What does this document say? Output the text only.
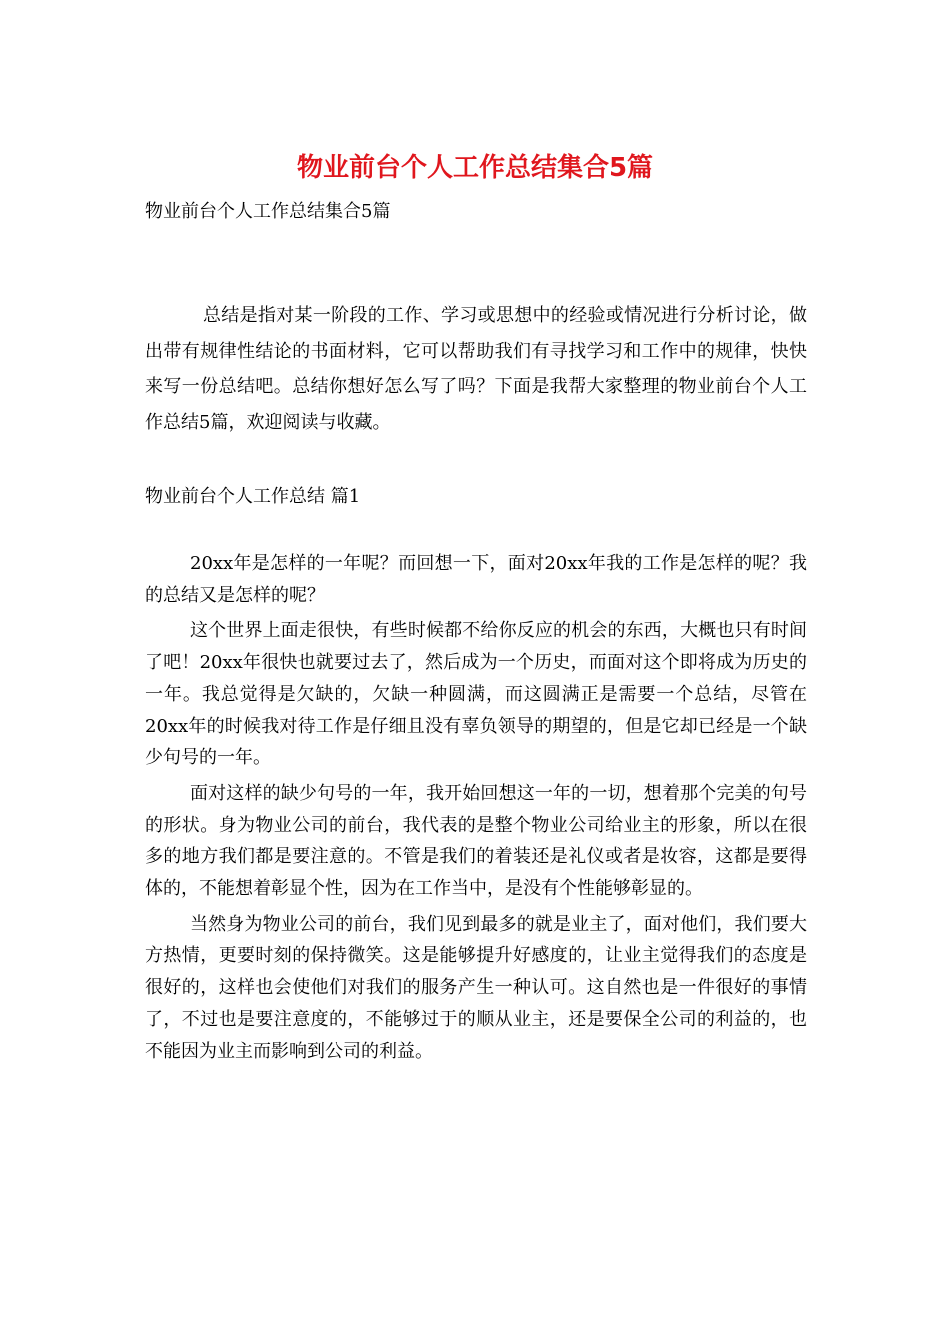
物业前台个人工作总结集合5篇
物业前台个人工作总结集合5篇
总结是指对某一阶段的工作、学习或思想中的经验或情况进行分析讨论，做出带有规律性结论的书面材料，它可以帮助我们有寻找学习和工作中的规律，快快来写一份总结吧。总结你想好怎么写了吗？下面是我帮大家整理的物业前台个人工作总结5篇，欢迎阅读与收藏。
物业前台个人工作总结 篇1

20xx年是怎样的一年呢？而回想一下，面对20xx年我的工作是怎样的呢？我的总结又是怎样的呢？

这个世界上面走很快，有些时候都不给你反应的机会的东西，大概也只有时间了吧！20xx年很快也就要过去了，然后成为一个历史，而面对这个即将成为历史的一年。我总觉得是欠缺的，欠缺一种圆满，而这圆满正是需要一个总结，尽管在20xx年的时候我对待工作是仔细且没有辜负领导的期望的，但是它却已经是一个缺少句号的一年。

面对这样的缺少句号的一年，我开始回想这一年的一切，想着那个完美的句号的形状。身为物业公司的前台，我代表的是整个物业公司给业主的形象，所以在很多的地方我们都是要注意的。不管是我们的着装还是礼仪或者是妆容，这都是要得体的，不能想着彰显个性，因为在工作当中，是没有个性能够彰显的。

当然身为物业公司的前台，我们见到最多的就是业主了，面对他们，我们要大方热情，更要时刻的保持微笑。这是能够提升好感度的，让业主觉得我们的态度是很好的，这样也会使他们对我们的服务产生一种认可。这自然也是一件很好的事情了，不过也是要注意度的，不能够过于的顺从业主，还是要保全公司的利益的，也不能因为业主而影响到公司的利益。
